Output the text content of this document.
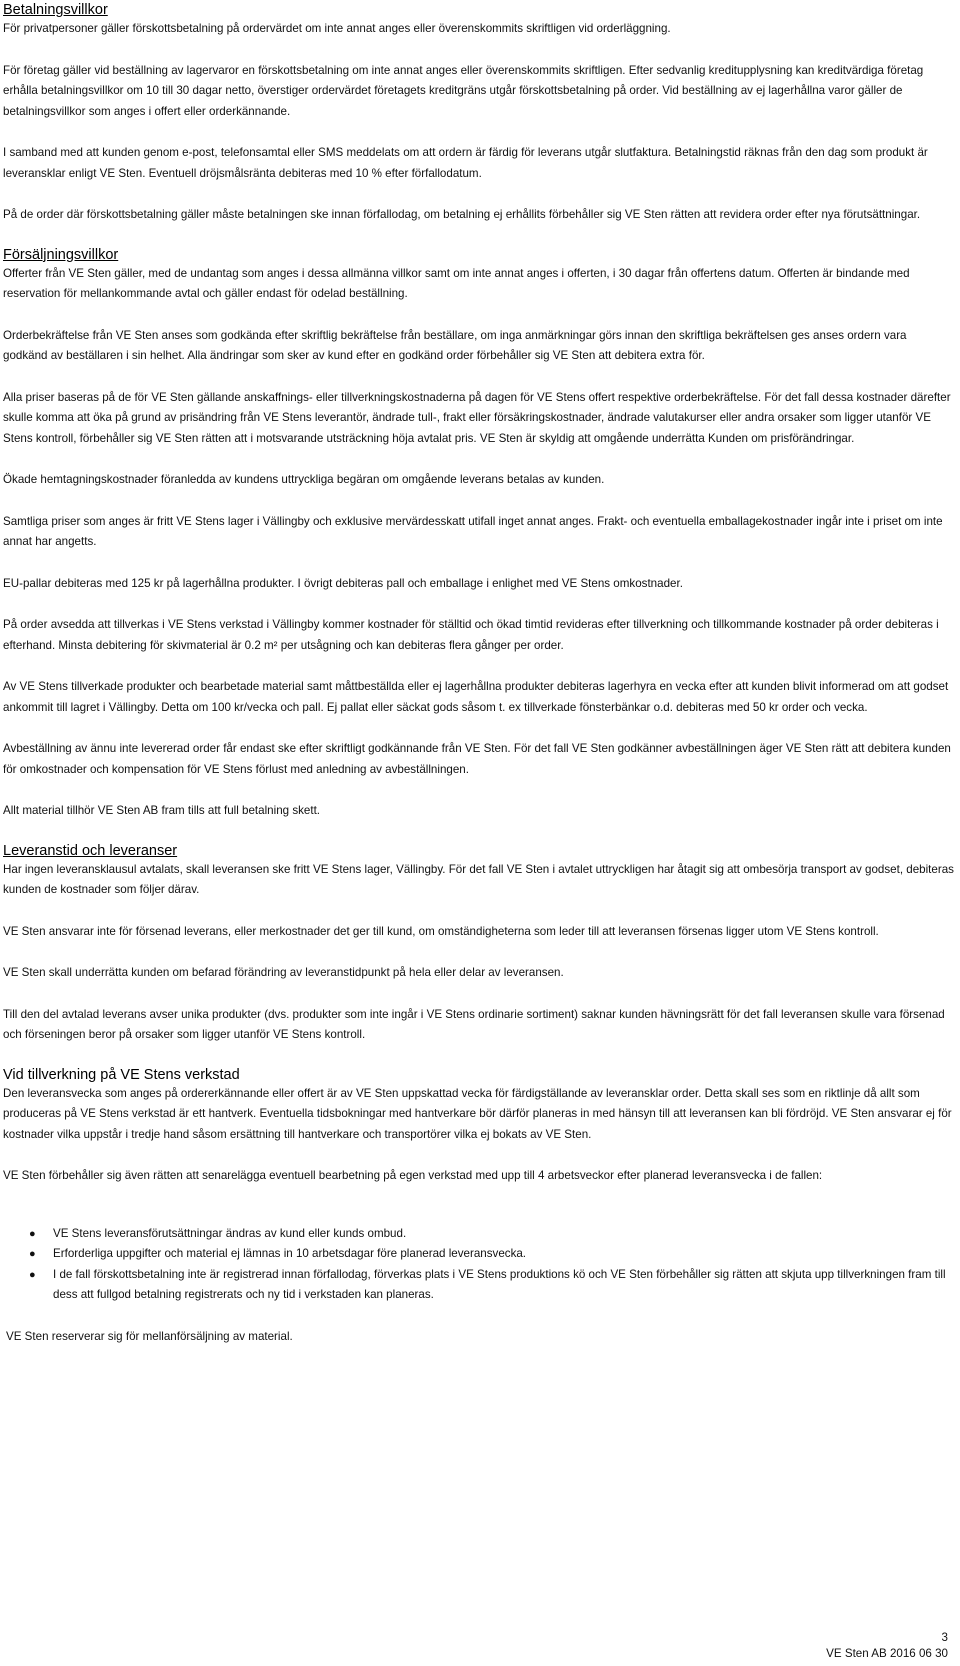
Betalningsvillkor

För privatpersoner gäller förskottsbetalning på ordervärdet om inte annat anges eller överenskommits skriftligen vid orderläggning.

För företag gäller vid beställning av lagervaror en förskottsbetalning om inte annat anges eller överenskommits skriftligen. Efter sedvanlig kreditupplysning kan kreditvärdiga företag erhålla betalningsvillkor om 10 till 30 dagar netto, överstiger ordervärdet företagets kreditgräns utgår förskottsbetalning på order. Vid beställning av ej lagerhållna varor gäller de betalningsvillkor som anges i offert eller orderkännande.

I samband med att kunden genom e-post, telefonsamtal eller SMS meddelats om att ordern är färdig för leverans utgår slutfaktura. Betalningstid räknas från den dag som produkt är leveransklar enligt VE Sten. Eventuell dröjsmålsränta debiteras med 10 % efter förfallodatum.

På de order där förskottsbetalning gäller måste betalningen ske innan förfallodag, om betalning ej erhållits förbehåller sig VE Sten rätten att revidera order efter nya förutsättningar.

Försäljningsvillkor

Offerter från VE Sten gäller, med de undantag som anges i dessa allmänna villkor samt om inte annat anges i offerten, i 30 dagar från offertens datum. Offerten är bindande med reservation för mellankommande avtal och gäller endast för odelad beställning.

Orderbekräftelse från VE Sten anses som godkända efter skriftlig bekräftelse från beställare, om inga anmärkningar görs innan den skriftliga bekräftelsen ges anses ordern vara godkänd av beställaren i sin helhet. Alla ändringar som sker av kund efter en godkänd order förbehåller sig VE Sten att debitera extra för.

Alla priser baseras på de för VE Sten gällande anskaffnings- eller tillverkningskostnaderna på dagen för VE Stens offert respektive orderbekräftelse. För det fall dessa kostnader därefter skulle komma att öka på grund av prisändring från VE Stens leverantör, ändrade tull-, frakt eller försäkringskostnader, ändrade valutakurser eller andra orsaker som ligger utanför VE Stens kontroll, förbehåller sig VE Sten rätten att i motsvarande utsträckning höja avtalat pris. VE Sten är skyldig att omgående underrätta Kunden om prisförändringar.

Ökade hemtagningskostnader föranledda av kundens uttryckliga begäran om omgående leverans betalas av kunden.

Samtliga priser som anges är fritt VE Stens lager i Vällingby och exklusive mervärdesskatt utifall inget annat anges. Frakt- och eventuella emballagekostnader ingår inte i priset om inte annat har angetts.

EU-pallar debiteras med 125 kr på lagerhållna produkter. I övrigt debiteras pall och emballage i enlighet med VE Stens omkostnader.

På order avsedda att tillverkas i VE Stens verkstad i Vällingby kommer kostnader för ställtid och ökad timtid revideras efter tillverkning och tillkommande kostnader på order debiteras i efterhand. Minsta debitering för skivmaterial är 0.2 m² per utsågning och kan debiteras flera gånger per order.

Av VE Stens tillverkade produkter och bearbetade material samt måttbeställda eller ej lagerhållna produkter debiteras lagerhyra en vecka efter att kunden blivit informerad om att godset ankommit till lagret i Vällingby. Detta om 100 kr/vecka och pall. Ej pallat eller säckat gods såsom t. ex tillverkade fönsterbänkar o.d. debiteras med 50 kr order och vecka.

Avbeställning av ännu inte levererad order får endast ske efter skriftligt godkännande från VE Sten. För det fall VE Sten godkänner avbeställningen äger VE Sten rätt att debitera kunden för omkostnader och kompensation för VE Stens förlust med anledning av avbeställningen.

Allt material tillhör VE Sten AB fram tills att full betalning skett.

Leveranstid och leveranser

Har ingen leveransklausul avtalats, skall leveransen ske fritt VE Stens lager, Vällingby. För det fall VE Sten i avtalet uttryckligen har åtagit sig att ombesörja transport av godset, debiteras kunden de kostnader som följer därav.

VE Sten ansvarar inte för försenad leverans, eller merkostnader det ger till kund, om omständigheterna som leder till att leveransen försenas ligger utom VE Stens kontroll.

VE Sten skall underrätta kunden om befarad förändring av leveranstidpunkt på hela eller delar av leveransen.

Till den del avtalad leverans avser unika produkter (dvs. produkter som inte ingår i VE Stens ordinarie sortiment) saknar kunden hävningsrätt för det fall leveransen skulle vara försenad och förseningen beror på orsaker som ligger utanför VE Stens kontroll.

Vid tillverkning på VE Stens verkstad

Den leveransvecka som anges på ordererkännande eller offert är av VE Sten uppskattad vecka för färdigställande av leveransklar order. Detta skall ses som en riktlinje då allt som produceras på VE Stens verkstad är ett hantverk. Eventuella tidsbokningar med hantverkare bör därför planeras in med hänsyn till att leveransen kan bli fördröjd. VE Sten ansvarar ej för kostnader vilka uppstår i tredje hand såsom ersättning till hantverkare och transportörer vilka ej bokats av VE Sten.

VE Sten förbehåller sig även rätten att senarelägga eventuell bearbetning på egen verkstad med upp till 4 arbetsveckor efter planerad leveransvecka i de fallen:

● VE Stens leveransförutsättningar ändras av kund eller kunds ombud.
● Erforderliga uppgifter och material ej lämnas in 10 arbetsdagar före planerad leveransvecka.
● I de fall förskottsbetalning inte är registrerad innan förfallodag, förverkas plats i VE Stens produktions kö och VE Sten förbehåller sig rätten att skjuta upp tillverkningen fram till dess att fullgod betalning registrerats och ny tid i verkstaden kan planeras.

VE Sten reserverar sig för mellanförsäljning av material.

3
VE Sten AB 2016 06 30
